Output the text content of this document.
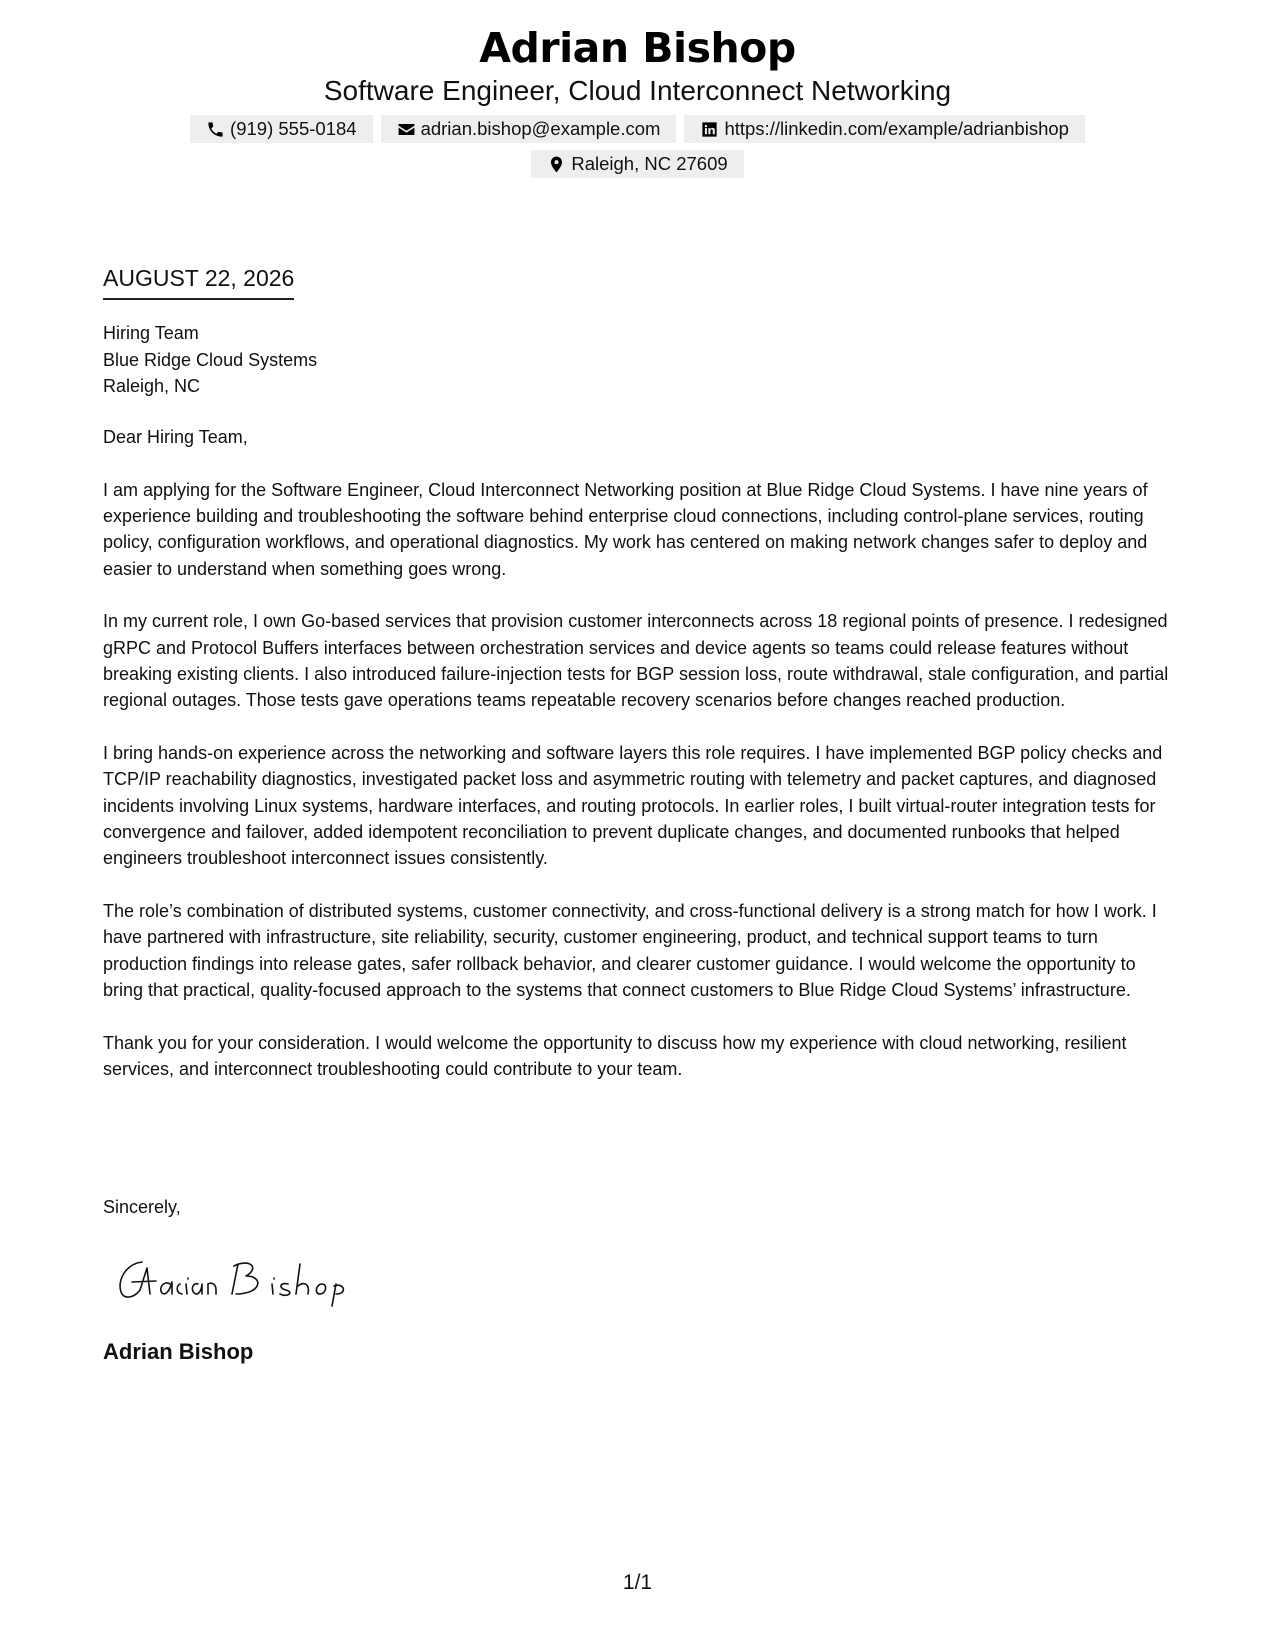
Adrian Bishop
Software Engineer, Cloud Interconnect Networking
(919) 555-0184	adrian.bishop@example.com	https://linkedin.com/example/adrianbishop
Raleigh, NC 27609
AUGUST 22, 2026
Hiring Team
Blue Ridge Cloud Systems
Raleigh, NC

Dear Hiring Team,

I am applying for the Software Engineer, Cloud Interconnect Networking position at Blue Ridge Cloud Systems. I have nine years of experience building and troubleshooting the software behind enterprise cloud connections, including control-plane services, routing policy, configuration workflows, and operational diagnostics. My work has centered on making network changes safer to deploy and easier to understand when something goes wrong.

In my current role, I own Go-based services that provision customer interconnects across 18 regional points of presence. I redesigned gRPC and Protocol Buffers interfaces between orchestration services and device agents so teams could release features without breaking existing clients. I also introduced failure-injection tests for BGP session loss, route withdrawal, stale configuration, and partial regional outages. Those tests gave operations teams repeatable recovery scenarios before changes reached production.

I bring hands-on experience across the networking and software layers this role requires. I have implemented BGP policy checks and TCP/IP reachability diagnostics, investigated packet loss and asymmetric routing with telemetry and packet captures, and diagnosed incidents involving Linux systems, hardware interfaces, and routing protocols. In earlier roles, I built virtual-router integration tests for convergence and failover, added idempotent reconciliation to prevent duplicate changes, and documented runbooks that helped engineers troubleshoot interconnect issues consistently.

The role’s combination of distributed systems, customer connectivity, and cross-functional delivery is a strong match for how I work. I have partnered with infrastructure, site reliability, security, customer engineering, product, and technical support teams to turn production findings into release gates, safer rollback behavior, and clearer customer guidance. I would welcome the opportunity to bring that practical, quality-focused approach to the systems that connect customers to Blue Ridge Cloud Systems’ infrastructure.

Thank you for your consideration. I would welcome the opportunity to discuss how my experience with cloud networking, resilient services, and interconnect troubleshooting could contribute to your team.

Sincerely,
Adrian Bishop
1/1
